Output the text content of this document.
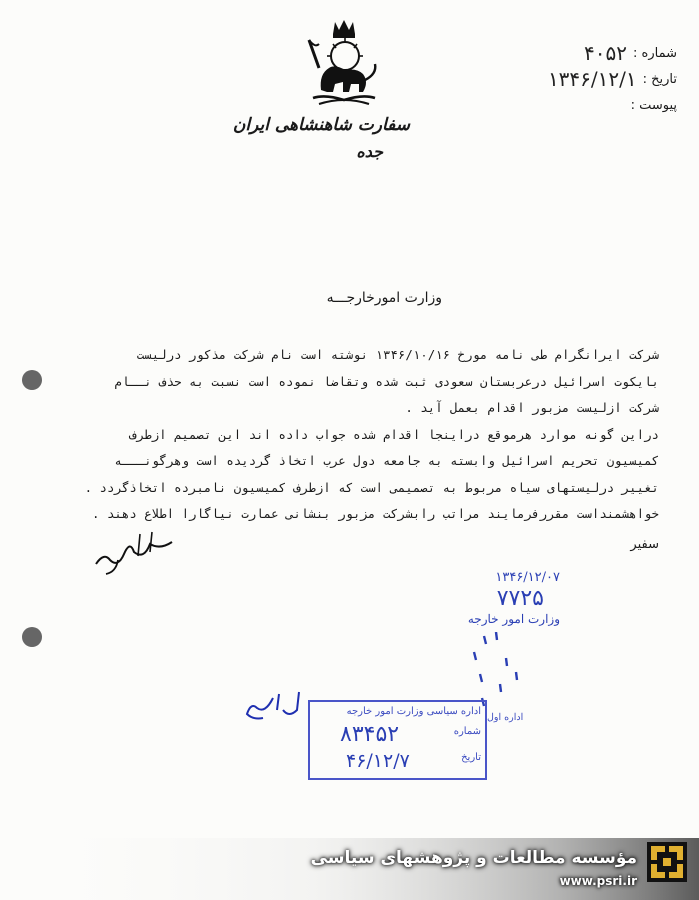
سفارت شاهنشاهی ایران
جده
شماره :
۴۰۵۲
تاریخ :
۱۳۴۶/۱۲/۱
پیوست :
وزارت امورخارجـــه
شرکت ایرانگرام طی نامه مورخ ۱۳۴۶/۱۰/۱۶ نوشته است نام شرکت مذکور درلیست
بایکوت اسرائیل درعربستان سعودی ثبت شده وتقاضا نموده است نسبت به حذف نــام
شرکت ازلیست مزبور اقدام بعمل آید .
دراین گونه موارد هرموقع دراینجا اقدام شده جواب داده اند این تصمیم ازطرف
کمیسیون تحریم اسرائیل وابسته به جامعه دول عرب اتخاذ گردیده است وهرگونـــه
تغییر درلیستهای سیاه مربوط به تصمیمی است که ازطرف کمیسیون نامبرده اتخاذگردد .
خواهشمنداست مقررفرمایند مراتب رابشرکت مزبور بنشانی عمارت نیاگارا اطلاع دهند .
سفیر
۱۳۴۶/۱۲/۰۷
۷۷۲۵
وزارت امور خارجه
اداره سیاسی وزارت امور خارجه
شماره
تاریخ
۸۳۴۵۲
۴۶/۱۲/۷
اداره اول
مؤسسه مطالعات و پژوهشهای سیاسی
www.psri.ir
